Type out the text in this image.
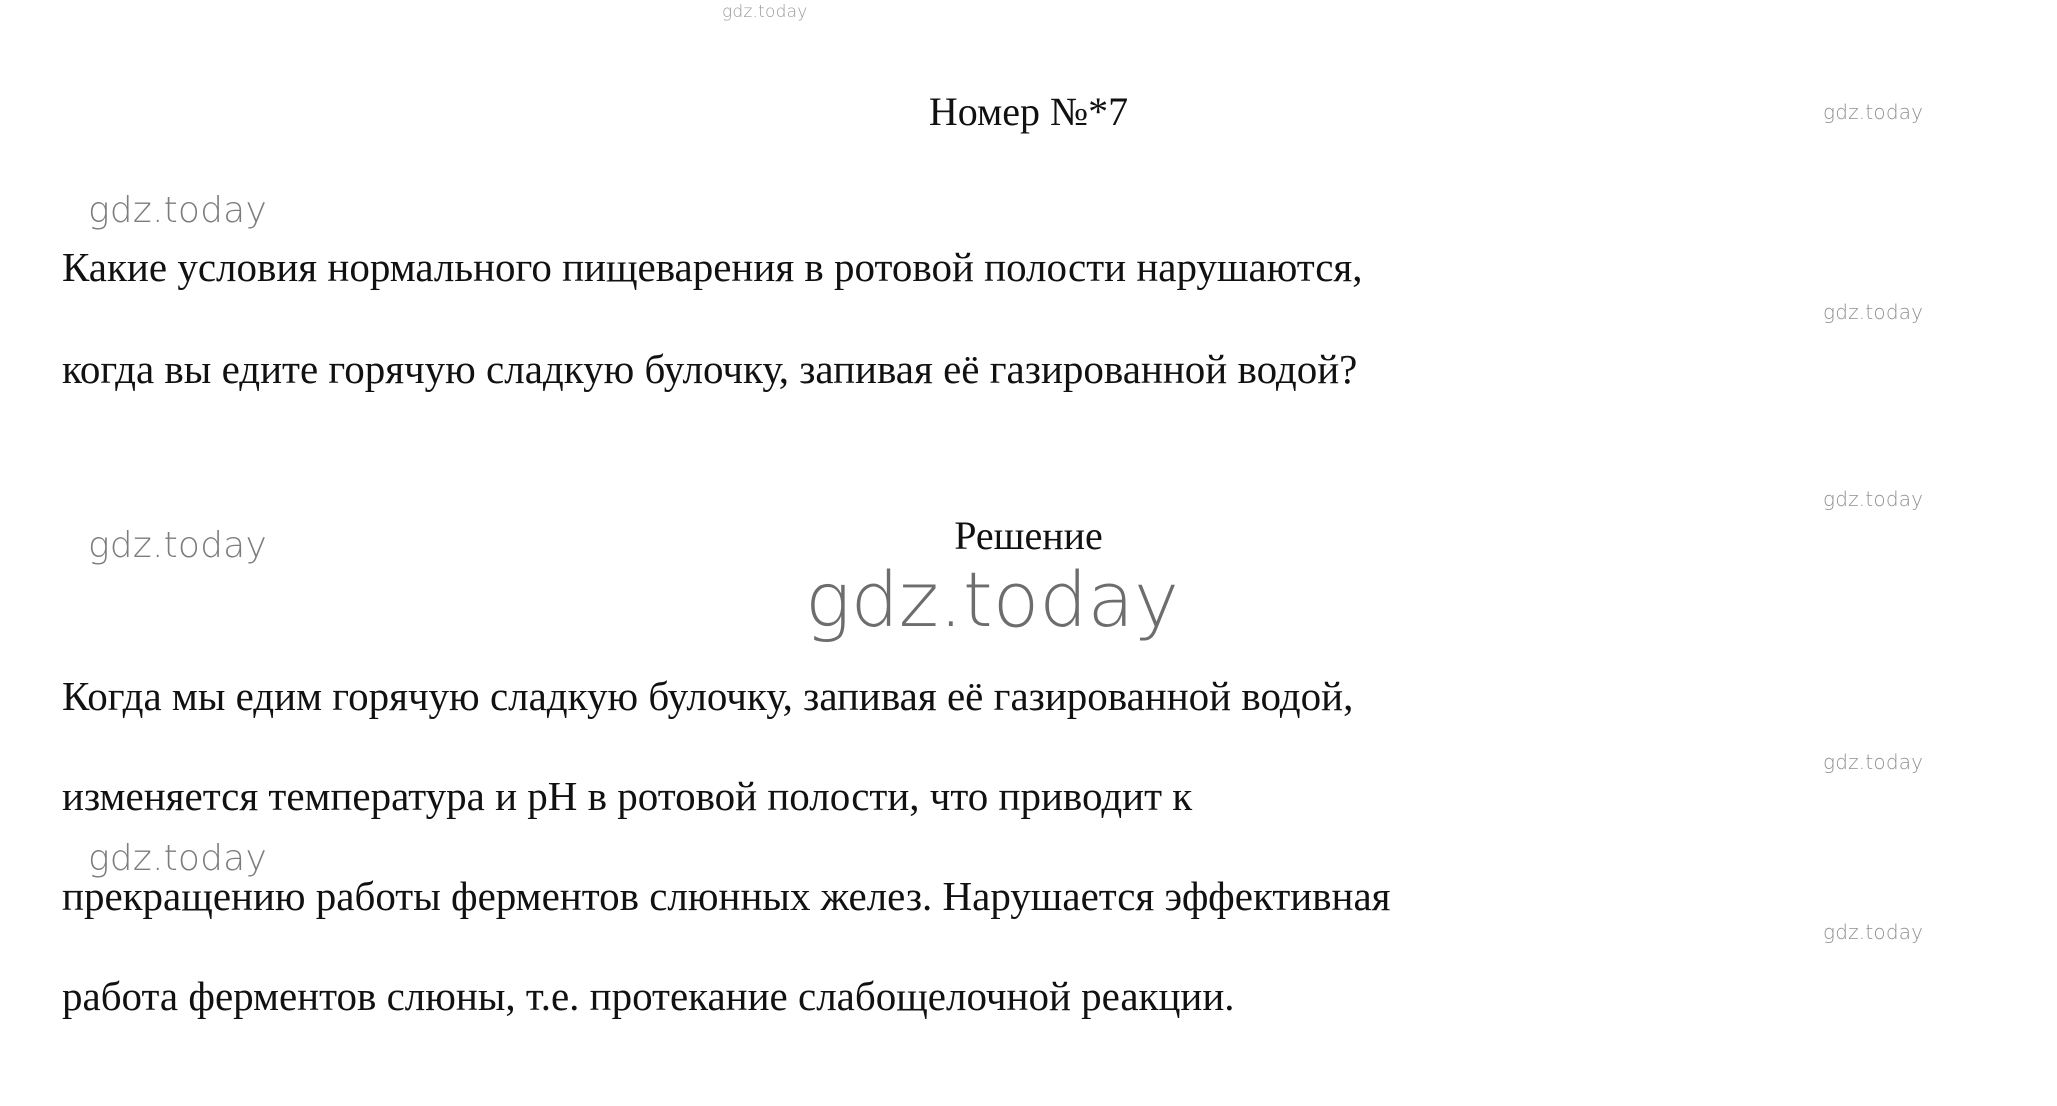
gdz.today
gdz.today
gdz.today
gdz.today
gdz.today
gdz.today
gdz.today
gdz.today
gdz.today
gdz.today
Номер №*7
Какие условия нормального пищеварения в ротовой полости нарушаются,
когда вы едите горячую сладкую булочку, запивая её газированной водой?
Решение
Когда мы едим горячую сладкую булочку, запивая её газированной водой,
изменяется температура и pH в ротовой полости, что приводит к
прекращению работы ферментов слюнных желез. Нарушается эффективная
работа ферментов слюны, т.е. протекание слабощелочной реакции.
